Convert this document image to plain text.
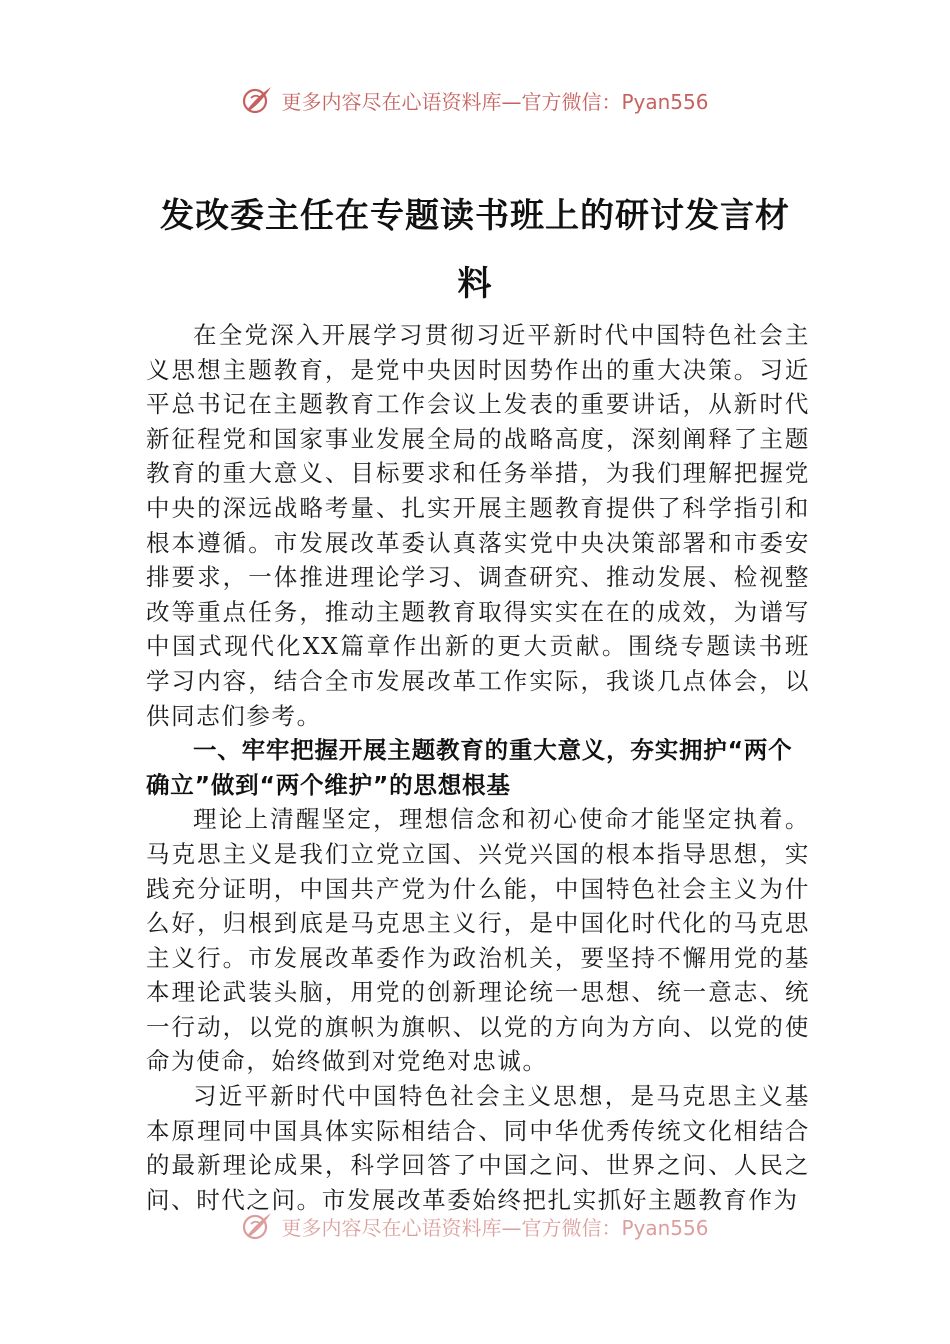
更多内容尽在心语资料库—官方微信：Pyan556
发改委主任在专题读书班上的研讨发言材
料

在全党深入开展学习贯彻习近平新时代中国特色社会主义思想主题教育，是党中央因时因势作出的重大决策。习近平总书记在主题教育工作会议上发表的重要讲话，从新时代新征程党和国家事业发展全局的战略高度，深刻阐释了主题教育的重大意义、目标要求和任务举措，为我们理解把握党中央的深远战略考量、扎实开展主题教育提供了科学指引和根本遵循。市发展改革委认真落实党中央决策部署和市委安排要求，一体推进理论学习、调查研究、推动发展、检视整改等重点任务，推动主题教育取得实实在在的成效，为谱写中国式现代化XX篇章作出新的更大贡献。围绕专题读书班学习内容，结合全市发展改革工作实际，我谈几点体会，以供同志们参考。

一、牢牢把握开展主题教育的重大意义，夯实拥护“两个确立”做到“两个维护”的思想根基

理论上清醒坚定，理想信念和初心使命才能坚定执着。马克思主义是我们立党立国、兴党兴国的根本指导思想，实践充分证明，中国共产党为什么能，中国特色社会主义为什么好，归根到底是马克思主义行，是中国化时代化的马克思主义行。市发展改革委作为政治机关，要坚持不懈用党的基本理论武装头脑，用党的创新理论统一思想、统一意志、统一行动，以党的旗帜为旗帜、以党的方向为方向、以党的使命为使命，始终做到对党绝对忠诚。

习近平新时代中国特色社会主义思想，是马克思主义基本原理同中国具体实际相结合、同中华优秀传统文化相结合的最新理论成果，科学回答了中国之问、世界之问、人民之问、时代之问。市发展改革委始终把扎实抓好主题教育作为

更多内容尽在心语资料库—官方微信：Pyan556
